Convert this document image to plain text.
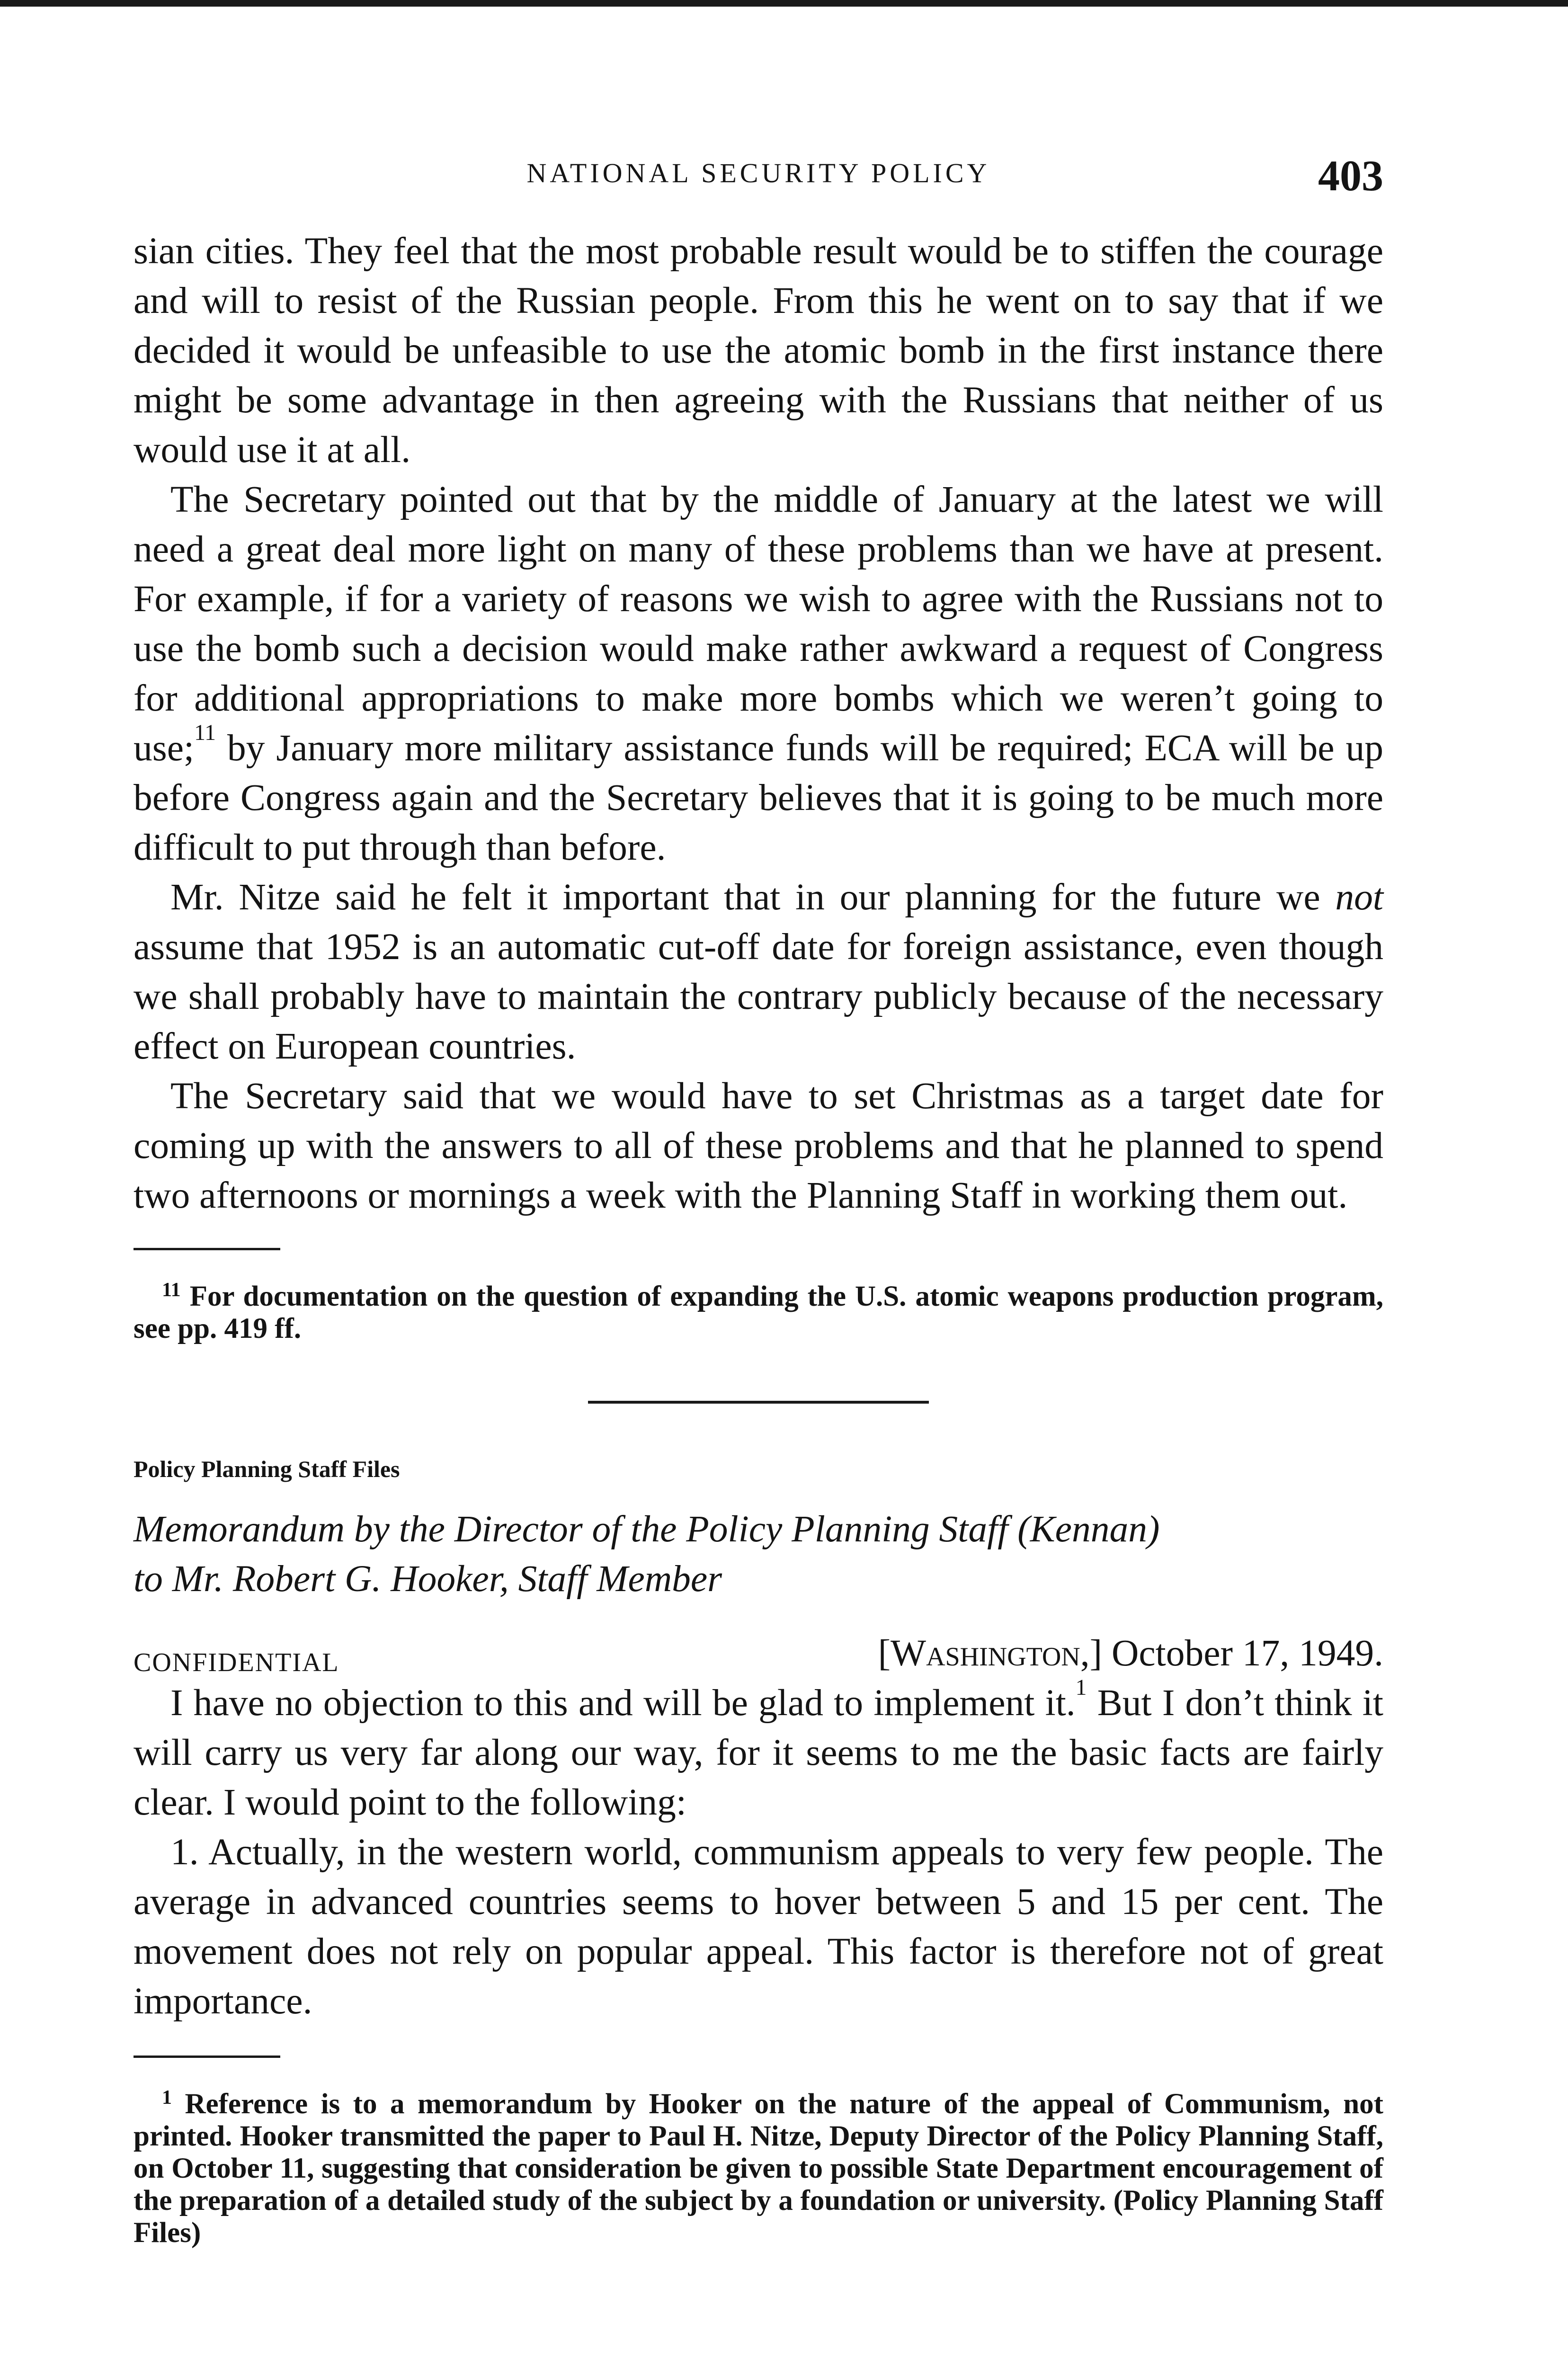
NATIONAL SECURITY POLICY	403

sian cities. They feel that the most probable result would be to stiffen the courage and will to resist of the Russian people. From this he went on to say that if we decided it would be unfeasible to use the atomic bomb in the first instance there might be some advantage in then agreeing with the Russians that neither of us would use it at all.

The Secretary pointed out that by the middle of January at the latest we will need a great deal more light on many of these problems than we have at present. For example, if for a variety of reasons we wish to agree with the Russians not to use the bomb such a decision would make rather awkward a request of Congress for additional appropriations to make more bombs which we weren’t going to use;$^{11}$ by January more military assistance funds will be required; ECA will be up before Congress again and the Secretary believes that it is going to be much more difficult to put through than before.

Mr. Nitze said he felt it important that in our planning for the future we not assume that 1952 is an automatic cut-off date for foreign assistance, even though we shall probably have to maintain the contrary publicly because of the necessary effect on European countries.

The Secretary said that we would have to set Christmas as a target date for coming up with the answers to all of these problems and that he planned to spend two afternoons or mornings a week with the Planning Staff in working them out.

$^{11}$ For documentation on the question of expanding the U.S. atomic weapons production program, see pp. 419 ff.

Policy Planning Staff Files

Memorandum by the Director of the Policy Planning Staff (Kennan)

to Mr. Robert G. Hooker, Staff Member

CONFIDENTIAL	[Washington,] October 17, 1949.

I have no objection to this and will be glad to implement it.$^1$ But I don’t think it will carry us very far along our way, for it seems to me the basic facts are fairly clear. I would point to the following:

1. Actually, in the western world, communism appeals to very few people. The average in advanced countries seems to hover between 5 and 15 per cent. The movement does not rely on popular appeal. This factor is therefore not of great importance.

$^1$ Reference is to a memorandum by Hooker on the nature of the appeal of Communism, not printed. Hooker transmitted the paper to Paul H. Nitze, Deputy Director of the Policy Planning Staff, on October 11, suggesting that consideration be given to possible State Department encouragement of the preparation of a detailed study of the subject by a foundation or university. (Policy Planning Staff Files)
